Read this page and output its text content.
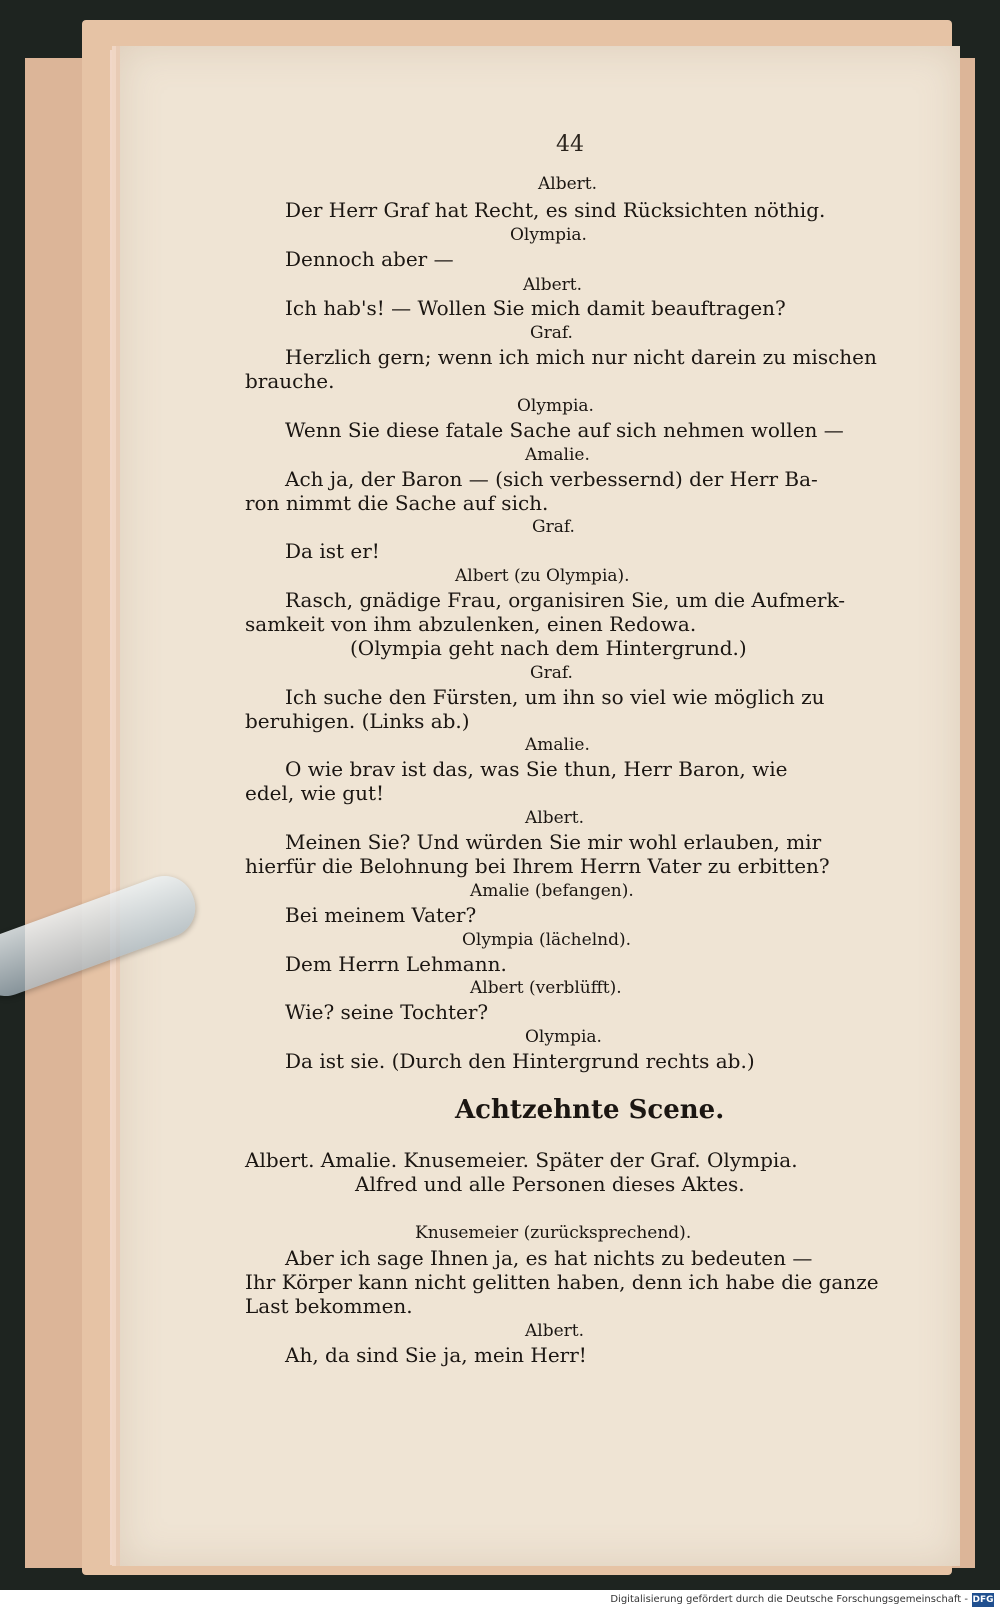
44
Albert.
Der Herr Graf hat Recht, es sind Rücksichten nöthig.
Olympia.
Dennoch aber —
Albert.
Ich hab's! — Wollen Sie mich damit beauftragen?
Graf.
Herzlich gern; wenn ich mich nur nicht darein zu mischen
brauche.
Olympia.
Wenn Sie diese fatale Sache auf sich nehmen wollen —
Amalie.
Ach ja, der Baron — (sich verbessernd) der Herr Ba-
ron nimmt die Sache auf sich.
Graf.
Da ist er!
Albert (zu Olympia).
Rasch, gnädige Frau, organisiren Sie, um die Aufmerk-
samkeit von ihm abzulenken, einen Redowa.
(Olympia geht nach dem Hintergrund.)
Graf.
Ich suche den Fürsten, um ihn so viel wie möglich zu
beruhigen. (Links ab.)
Amalie.
O wie brav ist das, was Sie thun, Herr Baron, wie
edel, wie gut!
Albert.
Meinen Sie? Und würden Sie mir wohl erlauben, mir
hierfür die Belohnung bei Ihrem Herrn Vater zu erbitten?
Amalie (befangen).
Bei meinem Vater?
Olympia (lächelnd).
Dem Herrn Lehmann.
Albert (verblüfft).
Wie? seine Tochter?
Olympia.
Da ist sie. (Durch den Hintergrund rechts ab.)
Achtzehnte Scene.
Albert. Amalie. Knusemeier. Später der Graf. Olympia.
Alfred und alle Personen dieses Aktes.
Knusemeier (zurücksprechend).
Aber ich sage Ihnen ja, es hat nichts zu bedeuten —
Ihr Körper kann nicht gelitten haben, denn ich habe die ganze
Last bekommen.
Albert.
Ah, da sind Sie ja, mein Herr!
Digitalisierung gefördert durch die Deutsche Forschungsgemeinschaft - DFG
